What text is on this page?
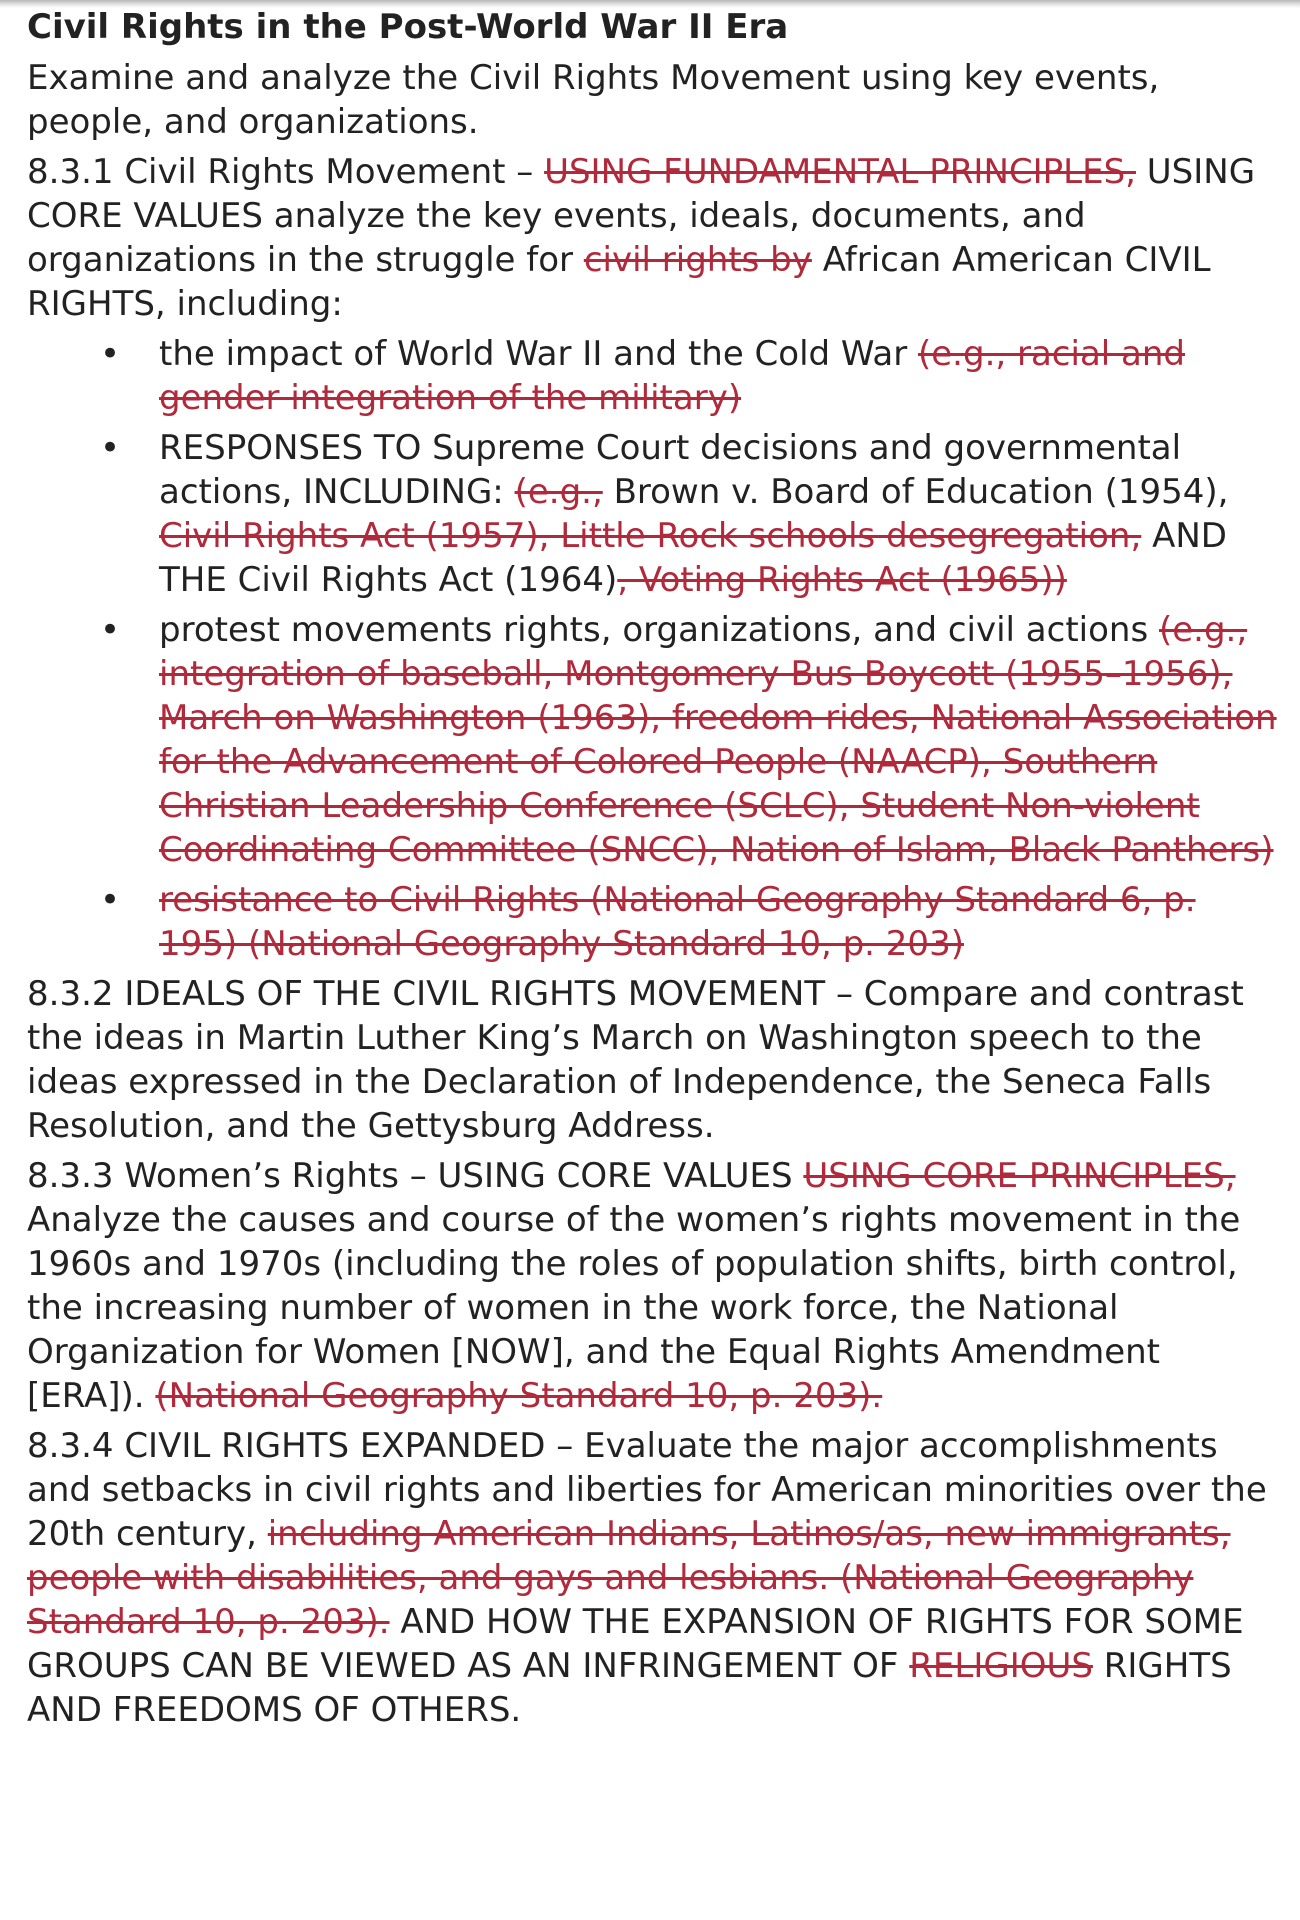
Civil Rights in the Post-World War II Era
Examine and analyze the Civil Rights Movement using key events, people, and organizations.
8.3.1 Civil Rights Movement – USING FUNDAMENTAL PRINCIPLES, USING CORE VALUES analyze the key events, ideals, documents, and organizations in the struggle for civil rights by African American CIVIL RIGHTS, including:
• the impact of World War II and the Cold War (e.g., racial and gender integration of the military)
• RESPONSES TO Supreme Court decisions and governmental actions, INCLUDING: (e.g., Brown v. Board of Education (1954), Civil Rights Act (1957), Little Rock schools desegregation, AND THE Civil Rights Act (1964), Voting Rights Act (1965))
• protest movements rights, organizations, and civil actions (e.g., integration of baseball, Montgomery Bus Boycott (1955–1956), March on Washington (1963), freedom rides, National Association for the Advancement of Colored People (NAACP), Southern Christian Leadership Conference (SCLC), Student Non-violent Coordinating Committee (SNCC), Nation of Islam, Black Panthers)
• resistance to Civil Rights (National Geography Standard 6, p. 195) (National Geography Standard 10, p. 203)
8.3.2 IDEALS OF THE CIVIL RIGHTS MOVEMENT – Compare and contrast the ideas in Martin Luther King’s March on Washington speech to the ideas expressed in the Declaration of Independence, the Seneca Falls Resolution, and the Gettysburg Address.
8.3.3 Women’s Rights – USING CORE VALUES USING CORE PRINCIPLES, Analyze the causes and course of the women’s rights movement in the 1960s and 1970s (including the roles of population shifts, birth control, the increasing number of women in the work force, the National Organization for Women [NOW], and the Equal Rights Amendment [ERA]). (National Geography Standard 10, p. 203).
8.3.4 CIVIL RIGHTS EXPANDED – Evaluate the major accomplishments and setbacks in civil rights and liberties for American minorities over the 20th century, including American Indians, Latinos/as, new immigrants, people with disabilities, and gays and lesbians. (National Geography Standard 10, p. 203). AND HOW THE EXPANSION OF RIGHTS FOR SOME GROUPS CAN BE VIEWED AS AN INFRINGEMENT OF RELIGIOUS RIGHTS AND FREEDOMS OF OTHERS.
